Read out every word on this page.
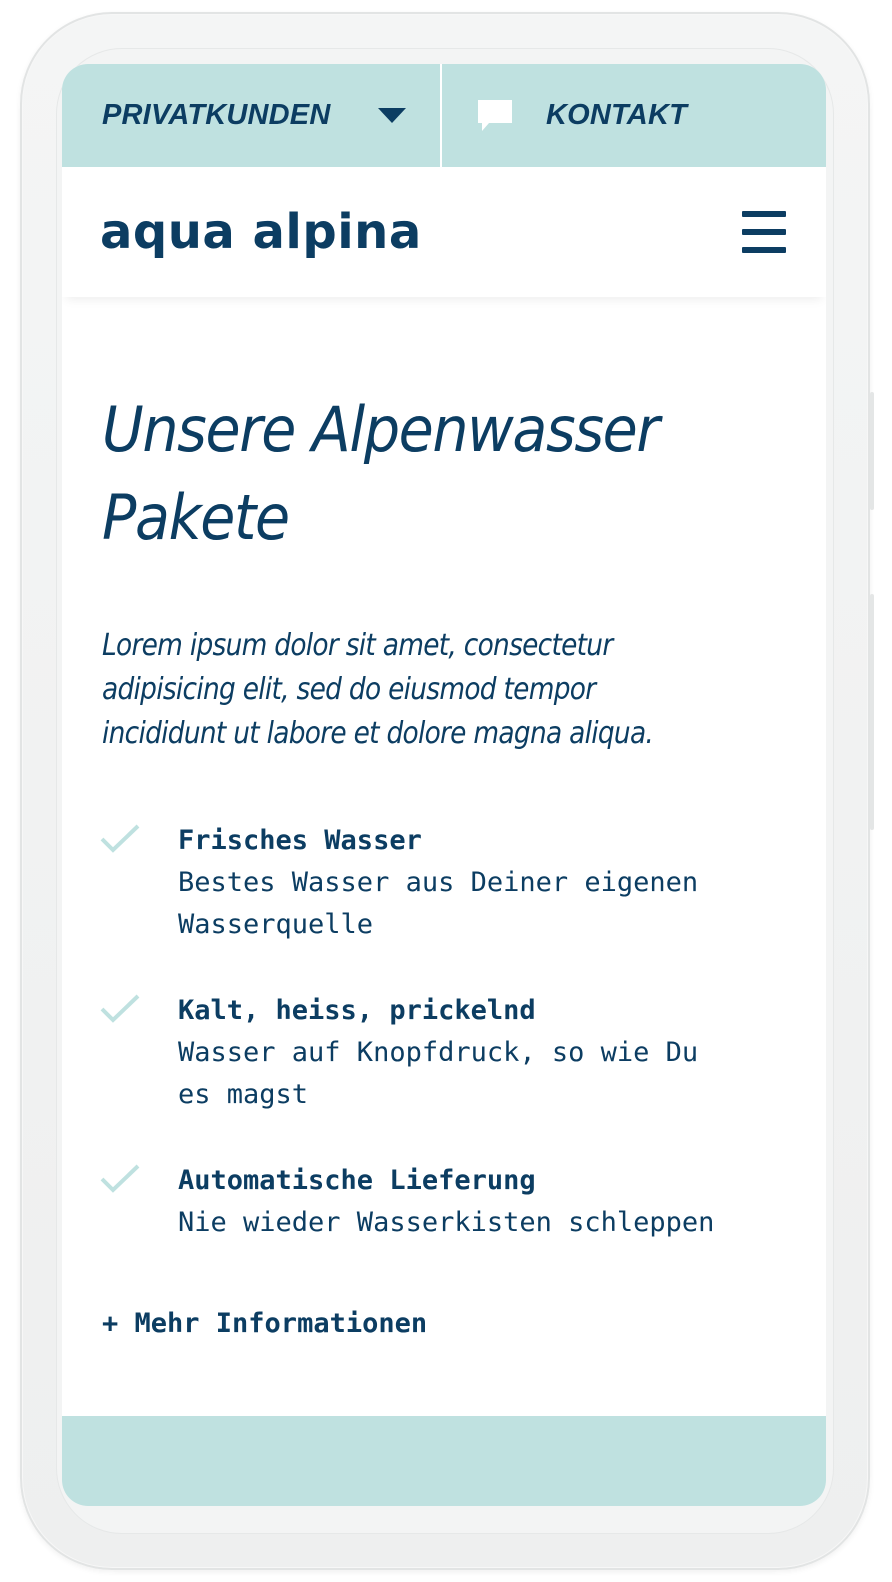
PRIVATKUNDEN	KONTAKT
aqua alpina
Unsere Alpenwasser
Pakete

Lorem ipsum dolor sit amet, consectetur
adipisicing elit, sed do eiusmod tempor
incididunt ut labore et dolore magna aliqua.

Frisches Wasser
Bestes Wasser aus Deiner eigenen
Wasserquelle
Kalt, heiss, prickelnd
Wasser auf Knopfdruck, so wie Du
es magst
Automatische Lieferung
Nie wieder Wasserkisten schleppen
+ Mehr Informationen
